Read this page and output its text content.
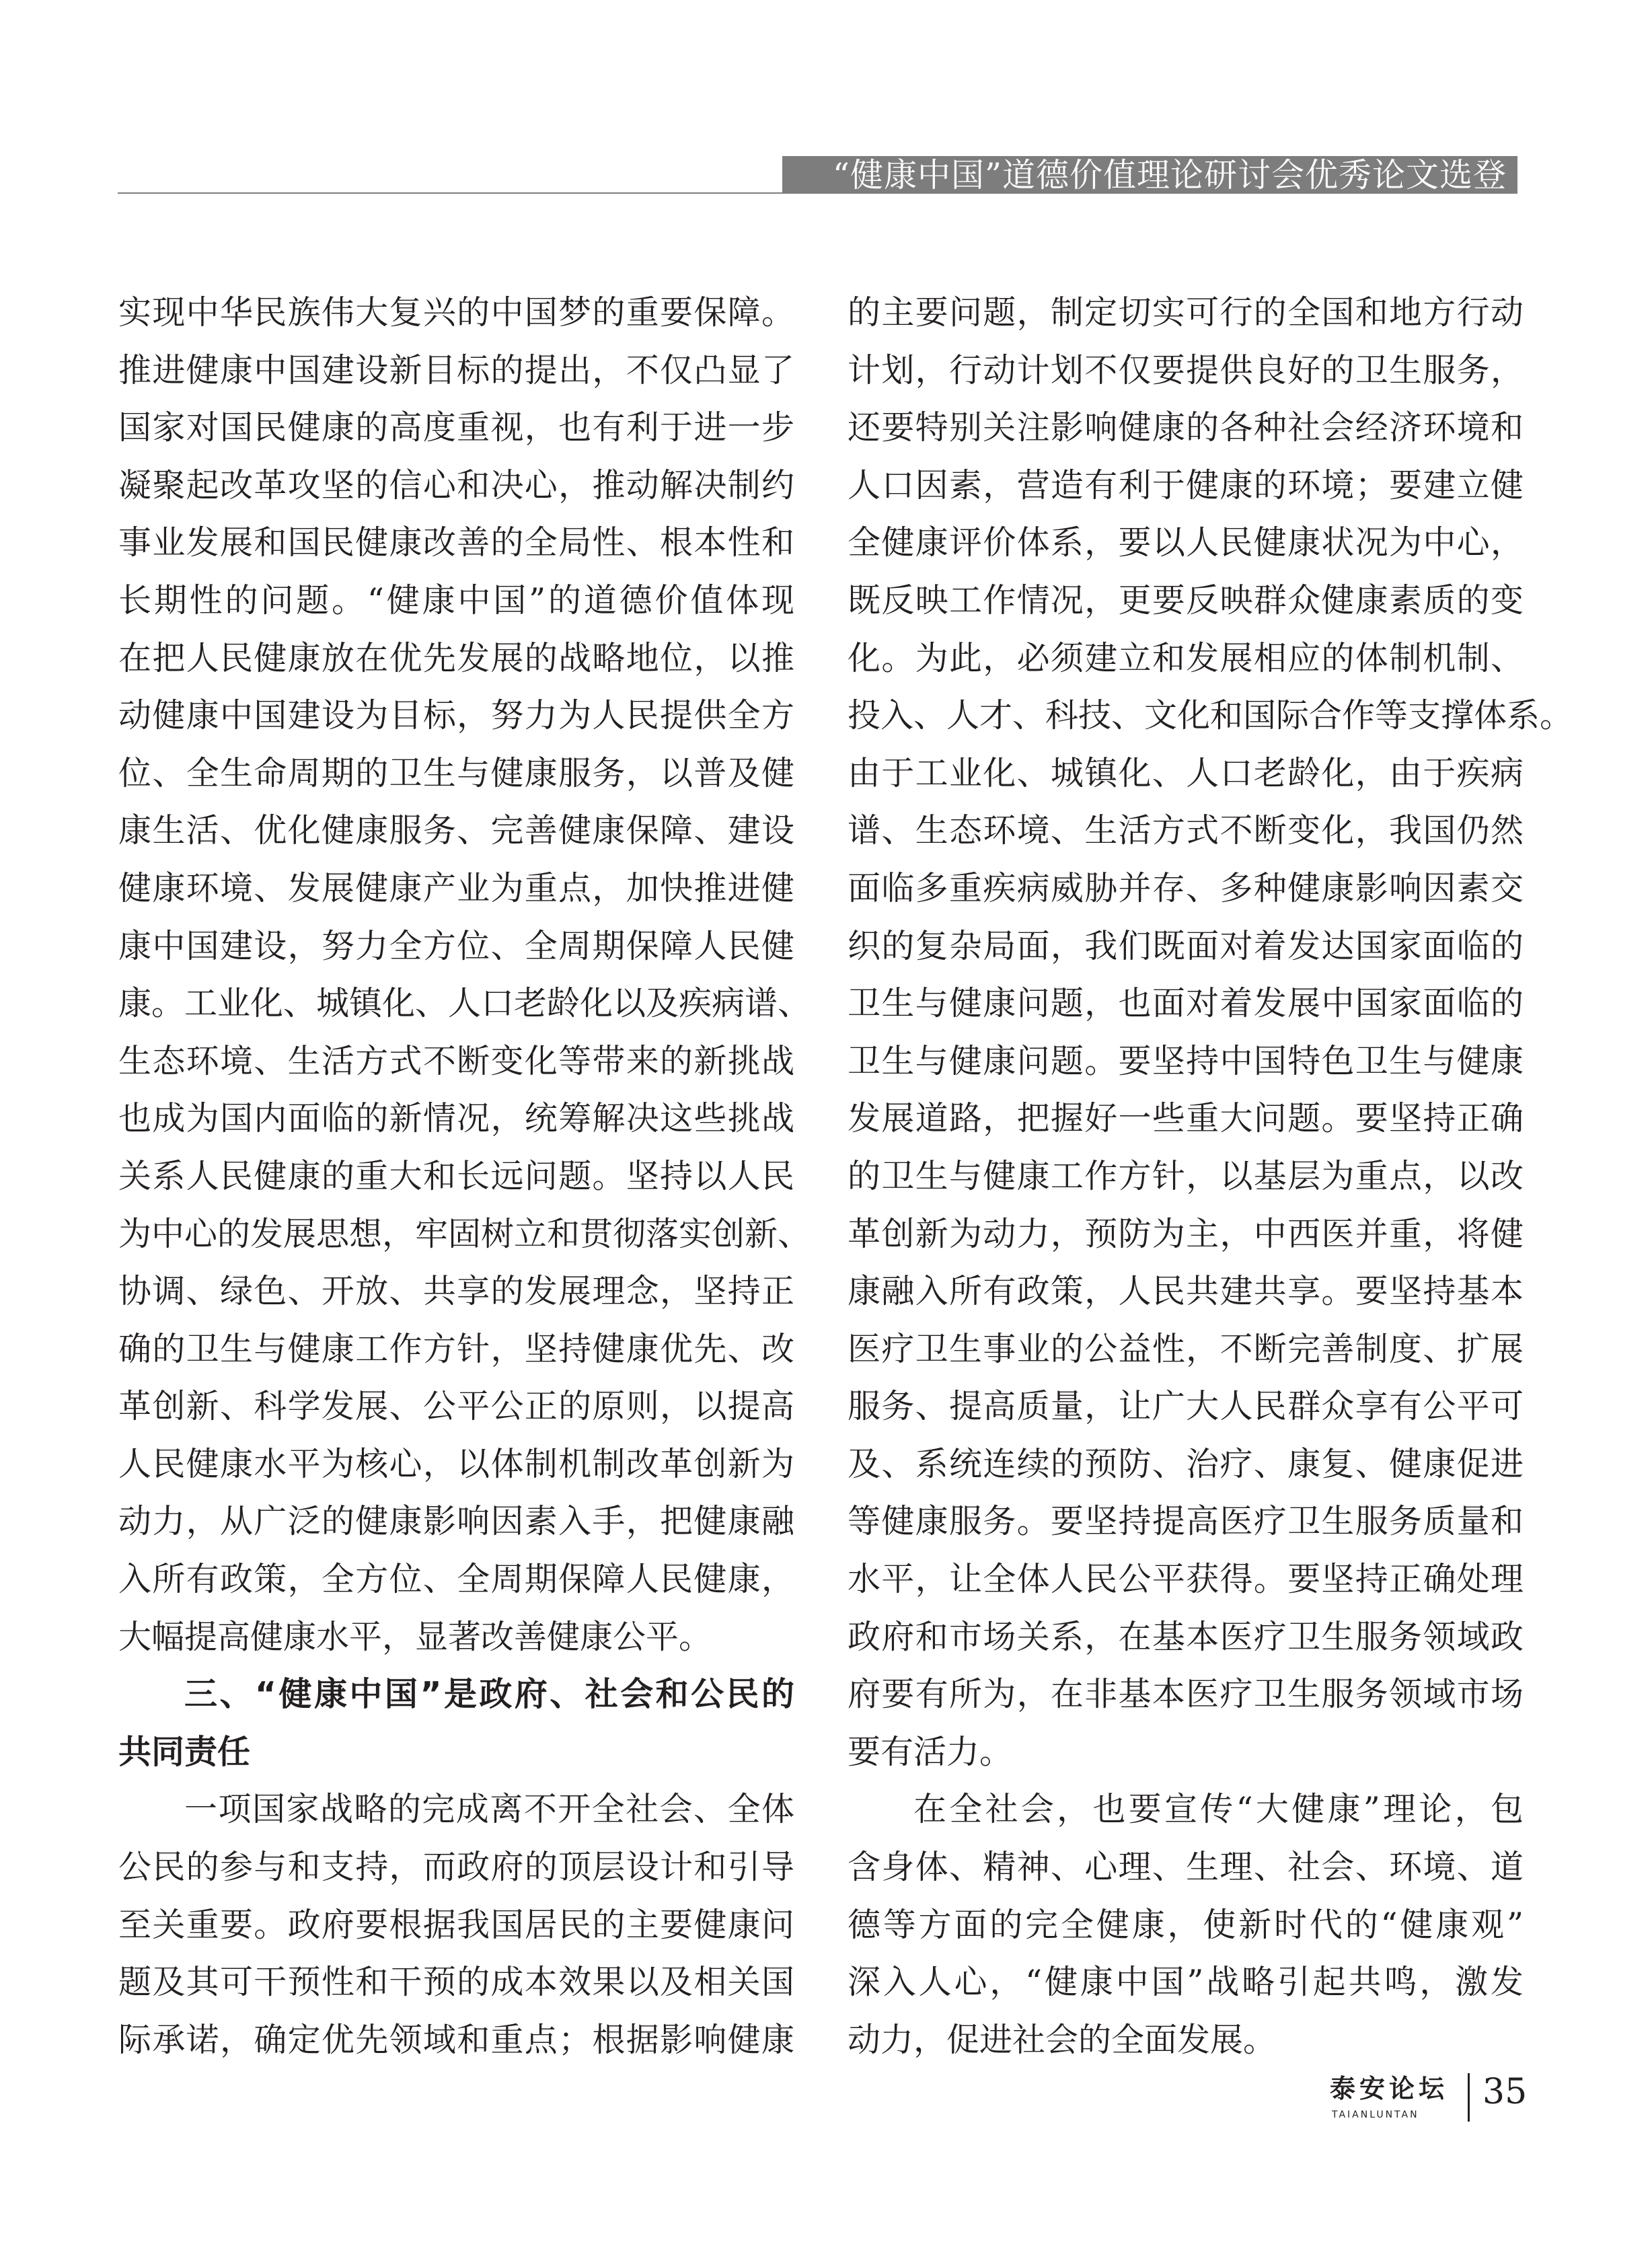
“健康中国”道德价值理论研讨会优秀论文选登
实现中华民族伟大复兴的中国梦的重要保障。
推进健康中国建设新目标的提出，不仅凸显了
国家对国民健康的高度重视，也有利于进一步
凝聚起改革攻坚的信心和决心，推动解决制约
事业发展和国民健康改善的全局性、根本性和
长期性的问题。“健康中国”的道德价值体现
在把人民健康放在优先发展的战略地位，以推
动健康中国建设为目标，努力为人民提供全方
位、全生命周期的卫生与健康服务，以普及健
康生活、优化健康服务、完善健康保障、建设
健康环境、发展健康产业为重点，加快推进健
康中国建设，努力全方位、全周期保障人民健
康。工业化、城镇化、人口老龄化以及疾病谱、
生态环境、生活方式不断变化等带来的新挑战
也成为国内面临的新情况，统筹解决这些挑战
关系人民健康的重大和长远问题。坚持以人民
为中心的发展思想，牢固树立和贯彻落实创新、
协调、绿色、开放、共享的发展理念，坚持正
确的卫生与健康工作方针，坚持健康优先、改
革创新、科学发展、公平公正的原则，以提高
人民健康水平为核心，以体制机制改革创新为
动力，从广泛的健康影响因素入手，把健康融
入所有政策，全方位、全周期保障人民健康，
大幅提高健康水平，显著改善健康公平。
三、“健康中国”是政府、社会和公民的
共同责任
一项国家战略的完成离不开全社会、全体
公民的参与和支持，而政府的顶层设计和引导
至关重要。政府要根据我国居民的主要健康问
题及其可干预性和干预的成本效果以及相关国
际承诺，确定优先领域和重点；根据影响健康
的主要问题，制定切实可行的全国和地方行动
计划，行动计划不仅要提供良好的卫生服务，
还要特别关注影响健康的各种社会经济环境和
人口因素，营造有利于健康的环境；要建立健
全健康评价体系，要以人民健康状况为中心，
既反映工作情况，更要反映群众健康素质的变
化。为此，必须建立和发展相应的体制机制、
投入、人才、科技、文化和国际合作等支撑体系。
由于工业化、城镇化、人口老龄化，由于疾病
谱、生态环境、生活方式不断变化，我国仍然
面临多重疾病威胁并存、多种健康影响因素交
织的复杂局面，我们既面对着发达国家面临的
卫生与健康问题，也面对着发展中国家面临的
卫生与健康问题。要坚持中国特色卫生与健康
发展道路，把握好一些重大问题。要坚持正确
的卫生与健康工作方针，以基层为重点，以改
革创新为动力，预防为主，中西医并重，将健
康融入所有政策，人民共建共享。要坚持基本
医疗卫生事业的公益性，不断完善制度、扩展
服务、提高质量，让广大人民群众享有公平可
及、系统连续的预防、治疗、康复、健康促进
等健康服务。要坚持提高医疗卫生服务质量和
水平，让全体人民公平获得。要坚持正确处理
政府和市场关系，在基本医疗卫生服务领域政
府要有所为，在非基本医疗卫生服务领域市场
要有活力。
在全社会，也要宣传“大健康”理论，包
含身体、精神、心理、生理、社会、环境、道
德等方面的完全健康，使新时代的“健康观”
深入人心，“健康中国”战略引起共鸣，激发
动力，促进社会的全面发展。
泰安论坛
TAIANLUNTAN
35
